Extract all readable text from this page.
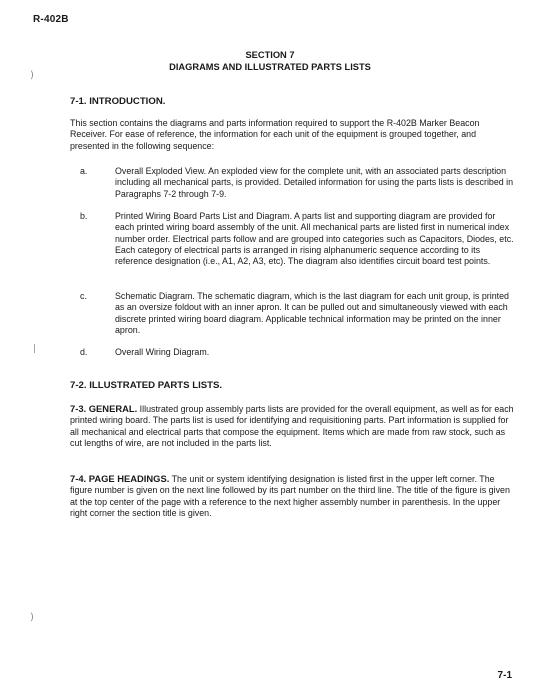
R-402B
)
|
)
SECTION 7
DIAGRAMS AND ILLUSTRATED PARTS LISTS
7-1. INTRODUCTION.

This section contains the diagrams and parts information required to support the R-402B Marker Beacon Receiver. For ease of reference, the information for each unit of the equipment is grouped together, and presented in the following sequence:

a.	Overall Exploded View. An exploded view for the complete unit, with an associated parts description including all mechanical parts, is provided. Detailed information for using the parts lists is described in Paragraphs 7-2 through 7-9.

b.	Printed Wiring Board Parts List and Diagram. A parts list and supporting diagram are provided for each printed wiring board assembly of the unit. All mechanical parts are listed first in numerical index number order. Electrical parts follow and are grouped into categories such as Capacitors, Diodes, etc. Each category of electrical parts is arranged in rising alphanumeric sequence according to its reference designation (i.e., A1, A2, A3, etc). The diagram also identifies circuit board test points.

c.	Schematic Diagram. The schematic diagram, which is the last diagram for each unit group, is printed as an oversize foldout with an inner apron. It can be pulled out and simultaneously viewed with each discrete printed wiring board diagram. Applicable technical information may be printed on the inner apron.

d.	Overall Wiring Diagram.

7-2. ILLUSTRATED PARTS LISTS.

7-3. GENERAL. Illustrated group assembly parts lists are provided for the overall equipment, as well as for each printed wiring board. The parts list is used for identifying and requisitioning parts. Part information is supplied for all mechanical and electrical parts that compose the equipment. Items which are made from raw stock, such as cut lengths of wire, are not included in the parts list.

7-4. PAGE HEADINGS. The unit or system identifying designation is listed first in the upper left corner. The figure number is given on the next line followed by its part number on the third line. The title of the figure is given at the top center of the page with a reference to the next higher assembly number in parenthesis. In the upper right corner the section title is given.

7-1
